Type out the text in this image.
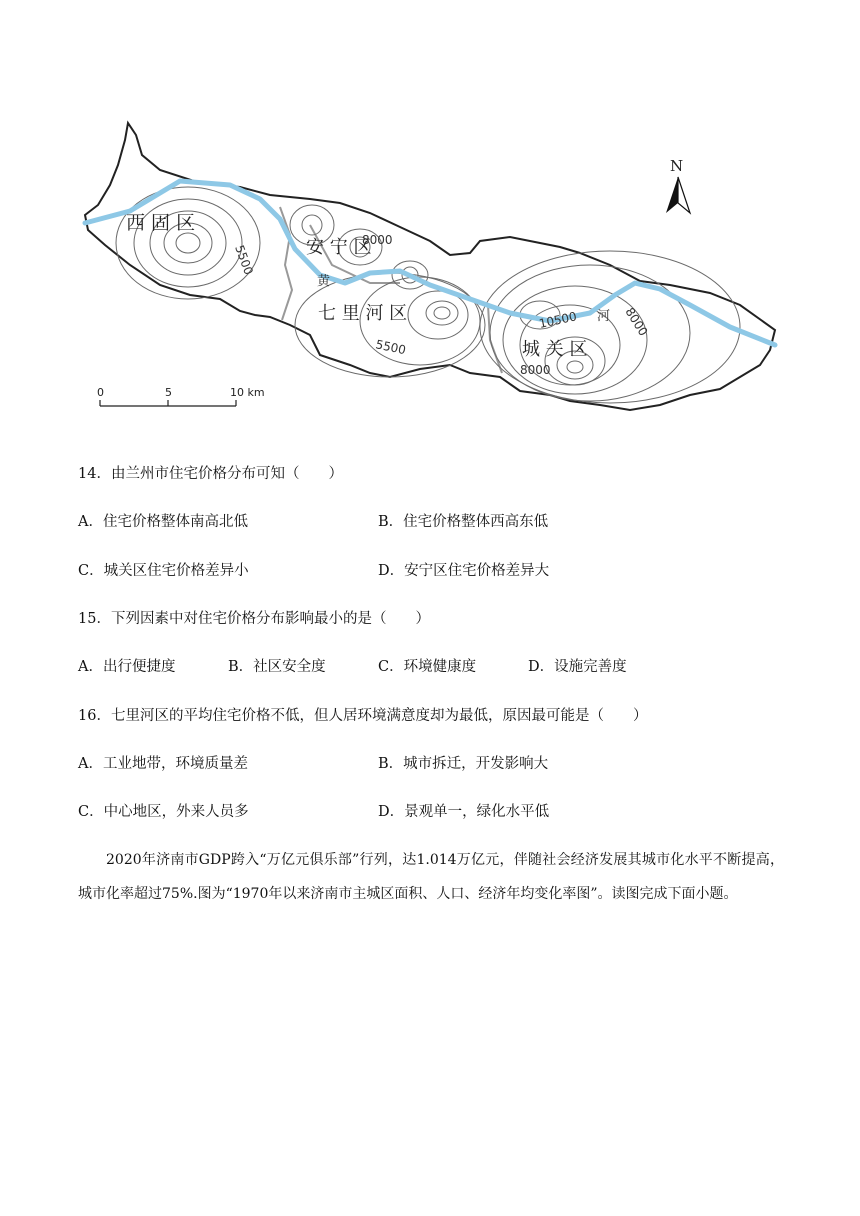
西 固 区
安 宁 区
七 里 河 区
城 关 区
黄
河
5500
8000
5500
10500	8000
8000
N
0	5	10 km
14．由兰州市住宅价格分布可知（　　）
A．住宅价格整体南高北低	B．住宅价格整体西高东低
C．城关区住宅价格差异小	D．安宁区住宅价格差异大
15．下列因素中对住宅价格分布影响最小的是（　　）
A．出行便捷度	B．社区安全度	C．环境健康度	D．设施完善度
16．七里河区的平均住宅价格不低，但人居环境满意度却为最低，原因最可能是（　　）
A．工业地带，环境质量差	B．城市拆迁，开发影响大
C．中心地区，外来人员多	D．景观单一，绿化水平低
2020年济南市GDP跨入“万亿元俱乐部”行列，达1.014万亿元，伴随社会经济发展其城市化水平不断提高，城市化率超过75%.图为“1970年以来济南市主城区面积、人口、经济年均变化率图”。读图完成下面小题。
